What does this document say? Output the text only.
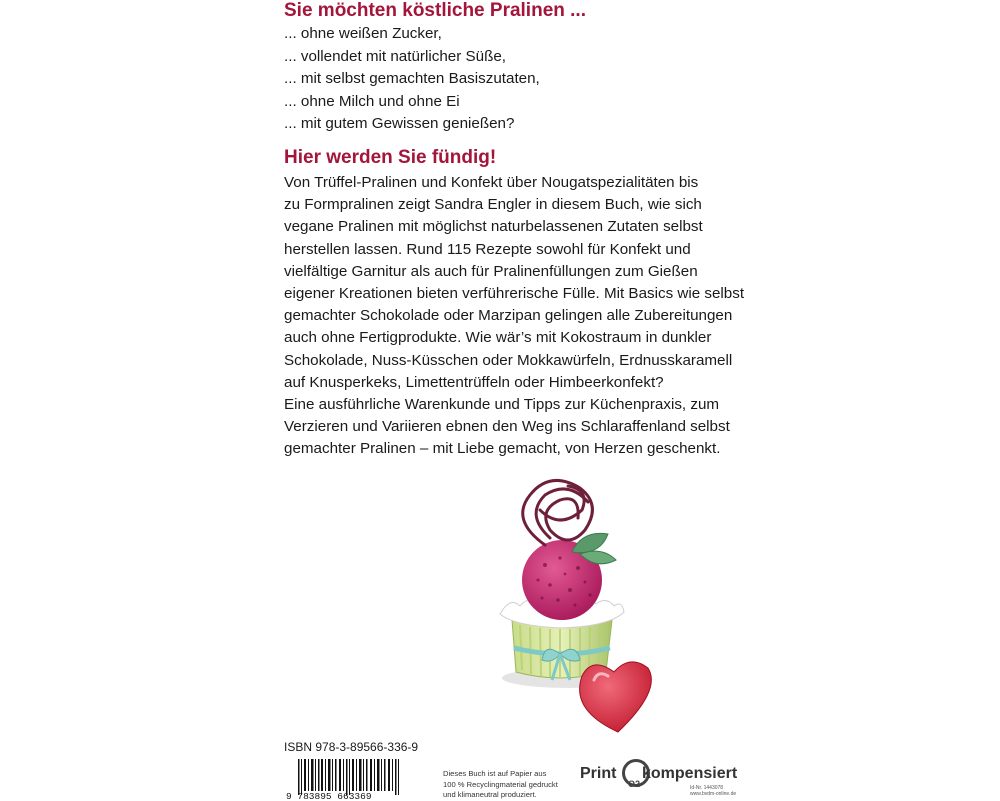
Sie möchten köstliche Pralinen ...
... ohne weißen Zucker,
... vollendet mit natürlicher Süße,
... mit selbst gemachten Basiszutaten,
... ohne Milch und ohne Ei
... mit gutem Gewissen genießen?
Hier werden Sie fündig!

Von Trüffel-Pralinen und Konfekt über Nougatspezialitäten bis
zu Formpralinen zeigt Sandra Engler in diesem Buch, wie sich
vegane Pralinen mit möglichst naturbelassenen Zutaten selbst
herstellen lassen. Rund 115 Rezepte sowohl für Konfekt und
vielfältige Garnitur als auch für Pralinenfüllungen zum Gießen
eigener Kreationen bieten verführerische Fülle. Mit Basics wie selbst
gemachter Schokolade oder Marzipan gelingen alle Zubereitungen
auch ohne Fertigprodukte. Wie wär’s mit Kokostraum in dunkler
Schokolade, Nuss-Küsschen oder Mokkawürfeln, Erdnusskaramell
auf Knusperkeks, Limettentrüffeln oder Himbeerkonfekt?

Eine ausführliche Warenkunde und Tipps zur Küchenpraxis, zum
Verzieren und Variieren ebnen den Weg ins Schlaraffenland selbst
gemachter Pralinen – mit Liebe gemacht, von Herzen geschenkt.

ISBN 978-3-89566-336-9
9 783895 663369
Dieses Buch ist auf Papier aus
100 % Recyclingmaterial gedruckt
und klimaneutral produziert.
Print
O2
kompensiert
Id-Nr. 1443078
www.bvdm-online.de
